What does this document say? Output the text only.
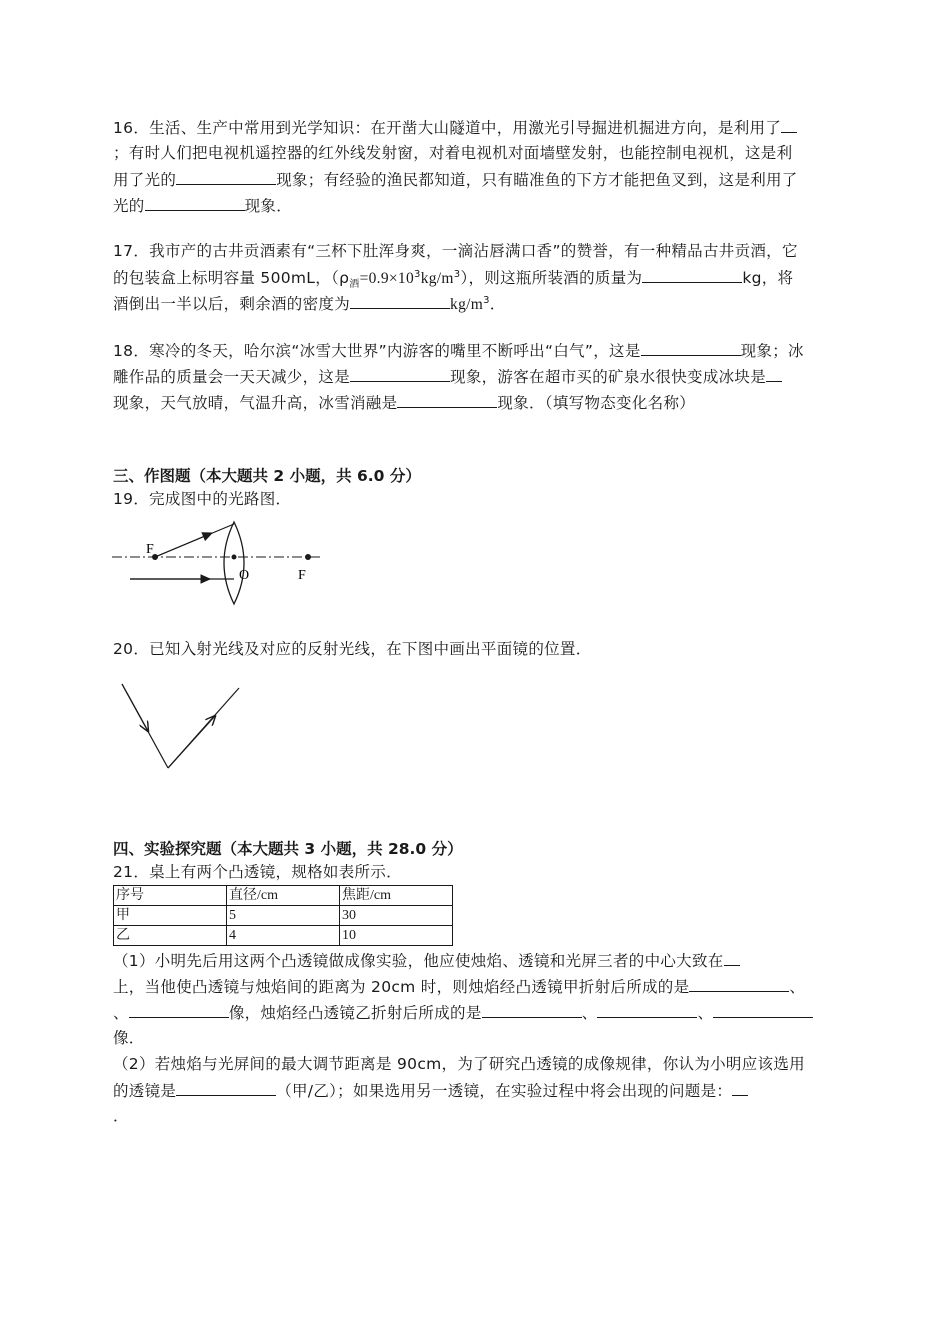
16．生活、生产中常用到光学知识：在开凿大山隧道中，用激光引导掘进机掘进方向，是利用了
；有时人们把电视机遥控器的红外线发射窗，对着电视机对面墙壁发射，也能控制电视机，这是利
用了光的	现象；有经验的渔民都知道，只有瞄准鱼的下方才能把鱼叉到，这是利用了
光的	现象．
17．我市产的古井贡酒素有“三杯下肚浑身爽，一滴沾唇满口香”的赞誉，有一种精品古井贡酒，它
的包装盒上标明容量 500mL，$(\rho_酒=0.9\times 10^3kg/m^3)$，则这瓶所装酒的质量为	kg，将
酒倒出一半以后，剩余酒的密度为	$kg/m^3$．
18．寒冷的冬天，哈尔滨“冰雪大世界”内游客的嘴里不断呼出“白气”，这是	现象；冰
雕作品的质量会一天天减少，这是	现象，游客在超市买的矿泉水很快变成冰块是
现象，天气放晴，气温升高，冰雪消融是	现象．（填写物态变化名称）
三、作图题（本大题共 2 小题，共 6.0 分）
19．完成图中的光路图．
F
O	F
20．已知入射光线及对应的反射光线，在下图中画出平面镜的位置．
四、实验探究题（本大题共 3 小题，共 28.0 分）
21．桌上有两个凸透镜，规格如表所示．
序号	直径/cm	焦距/cm
甲	5	30
乙	4	10
（1）小明先后用这两个凸透镜做成像实验，他应使烛焰、透镜和光屏三者的中心大致在
上，当他使凸透镜与烛焰间的距离为 20cm 时，则烛焰经凸透镜甲折射后所成的是	、
、	像，烛焰经凸透镜乙折射后所成的是	、	、
像．
（2）若烛焰与光屏间的最大调节距离是 90cm，为了研究凸透镜的成像规律，你认为小明应该选用
的透镜是	（甲/乙）；如果选用另一透镜，在实验过程中将会出现的问题是：
．
